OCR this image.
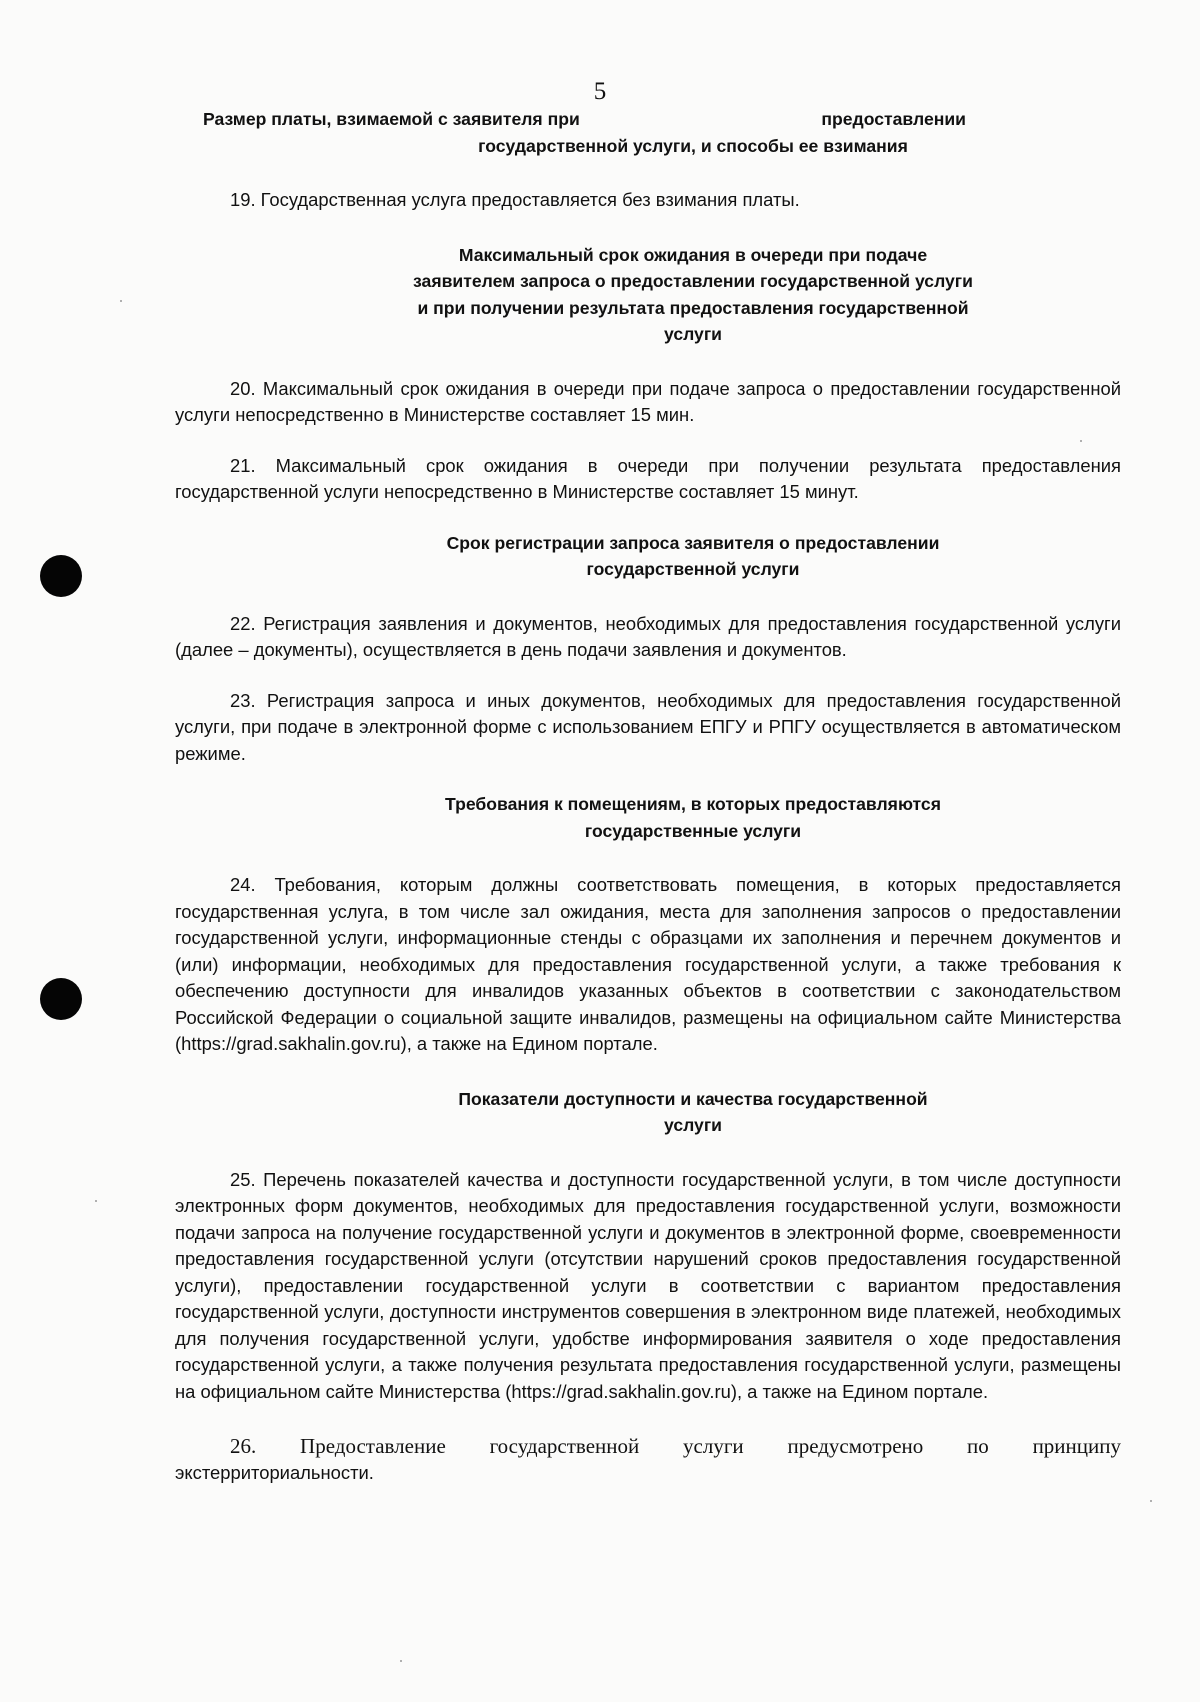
5
Размер платы, взимаемой с заявителя при	предоставлении
государственной услуги, и способы ее взимания

19. Государственная услуга предоставляется без взимания платы.

Максимальный срок ожидания в очереди при подаче
заявителем запроса о предоставлении государственной услуги
и при получении результата предоставления государственной
услуги

20. Максимальный срок ожидания в очереди при подаче запроса о предоставлении государственной услуги непосредственно в Министерстве составляет 15 мин.

21. Максимальный срок ожидания в очереди при получении результата предоставления государственной услуги непосредственно в Министерстве составляет 15 минут.

Срок регистрации запроса заявителя о предоставлении
государственной услуги

22. Регистрация заявления и документов, необходимых для предоставления государственной услуги (далее – документы), осуществляется в день подачи заявления и документов.

23. Регистрация запроса и иных документов, необходимых для предоставления государственной услуги, при подаче в электронной форме с использованием ЕПГУ и РПГУ осуществляется в автоматическом режиме.

Требования к помещениям, в которых предоставляются
государственные услуги

24. Требования, которым должны соответствовать помещения, в которых предоставляется государственная услуга, в том числе зал ожидания, места для заполнения запросов о предоставлении государственной услуги, информационные стенды с образцами их заполнения и перечнем документов и (или) информации, необходимых для предоставления государственной услуги, а также требования к обеспечению доступности для инвалидов указанных объектов в соответствии с законодательством Российской Федерации о социальной защите инвалидов, размещены на официальном сайте Министерства (https://grad.sakhalin.gov.ru), а также на Едином портале.

Показатели доступности и качества государственной
услуги

25. Перечень показателей качества и доступности государственной услуги, в том числе доступности электронных форм документов, необходимых для предоставления государственной услуги, возможности подачи запроса на получение государственной услуги и документов в электронной форме, своевременности предоставления государственной услуги (отсутствии нарушений сроков предоставления государственной услуги), предоставлении государственной услуги в соответствии с вариантом предоставления государственной услуги, доступности инструментов совершения в электронном виде платежей, необходимых для получения государственной услуги, удобстве информирования заявителя о ходе предоставления государственной услуги, а также получения результата предоставления государственной услуги, размещены на официальном сайте Министерства (https://grad.sakhalin.gov.ru), а также на Едином портале.

26. Предоставление государственной услуги предусмотрено по принципу

экстерриториальности.
